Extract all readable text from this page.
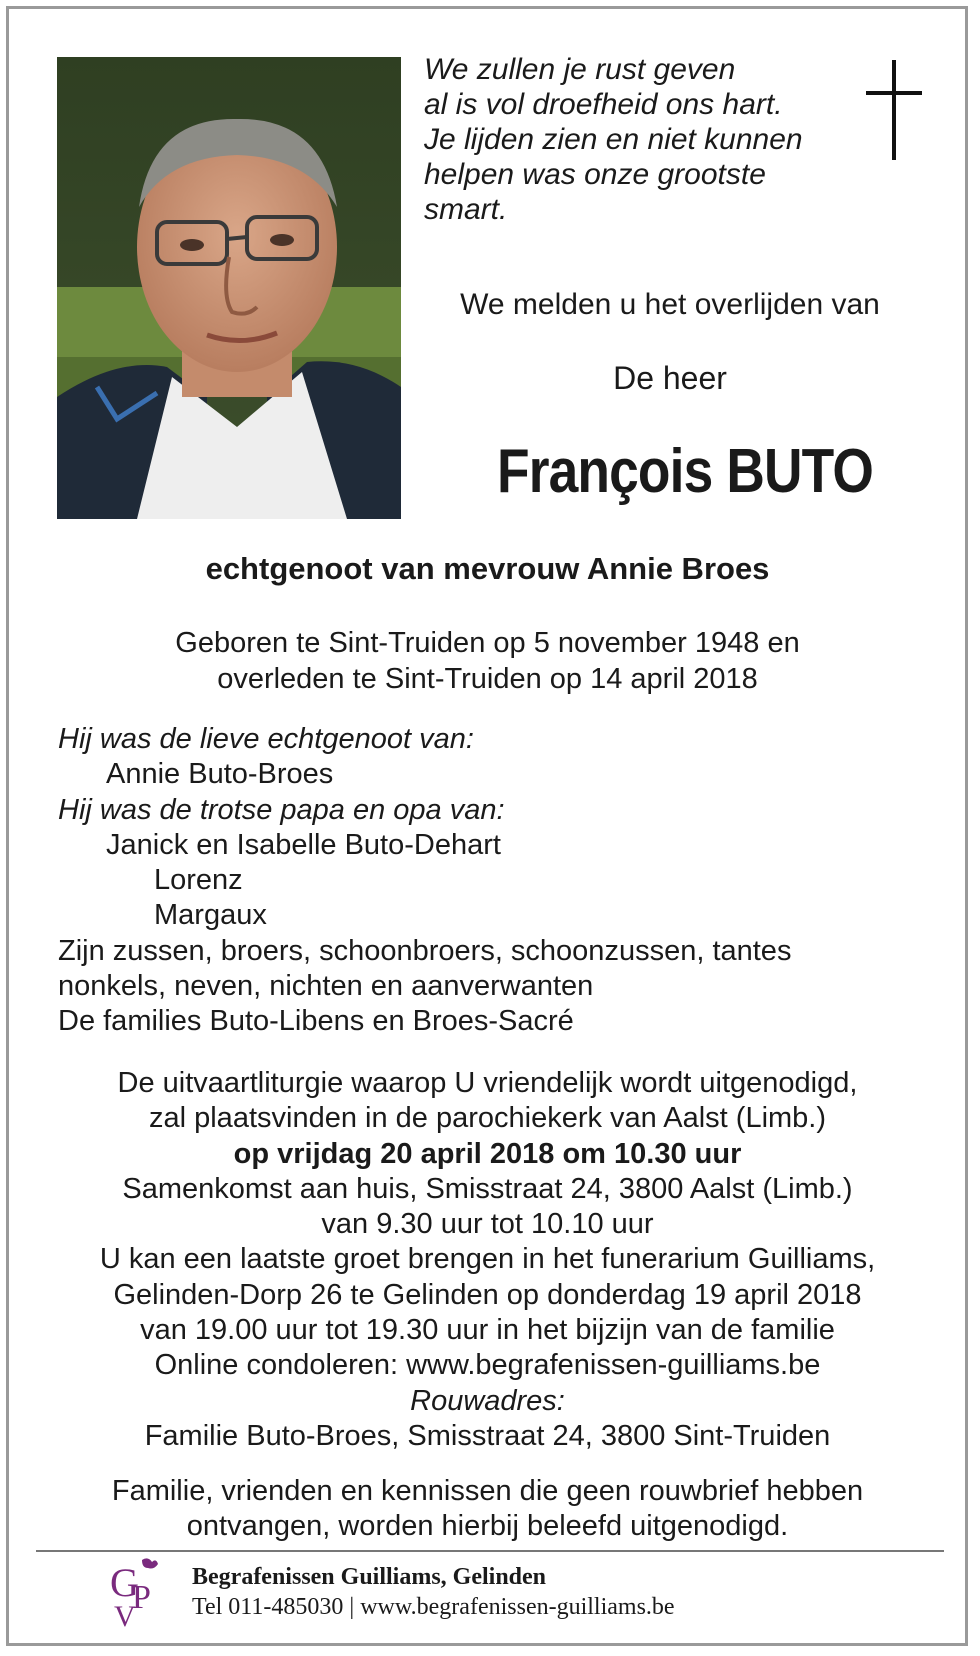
We zullen je rust geven
al is vol droefheid ons hart.
Je lijden zien en niet kunnen
helpen was onze grootste
smart.
We melden u het overlijden van
De heer
François BUTO
echtgenoot van mevrouw Annie Broes
Geboren te Sint-Truiden op 5 november 1948 en
overleden te Sint-Truiden op 14 april 2018
Hij was de lieve echtgenoot van:
Annie Buto-Broes
Hij was de trotse papa en opa van:
Janick en Isabelle Buto-Dehart
Lorenz
Margaux
Zijn zussen, broers, schoonbroers, schoonzussen, tantes
nonkels, neven, nichten en aanverwanten
De families Buto-Libens en Broes-Sacré
De uitvaartliturgie waarop U vriendelijk wordt uitgenodigd,
zal plaatsvinden in de parochiekerk van Aalst (Limb.)
op vrijdag 20 april 2018 om 10.30 uur
Samenkomst aan huis, Smisstraat 24, 3800 Aalst (Limb.)
van 9.30 uur tot 10.10 uur
U kan een laatste groet brengen in het funerarium Guilliams,
Gelinden-Dorp 26 te Gelinden op donderdag 19 april 2018
van 19.00 uur tot 19.30 uur in het bijzijn van de familie
Online condoleren: www.begrafenissen-guilliams.be
Rouwadres:
Familie Buto-Broes, Smisstraat 24, 3800 Sint-Truiden
Familie, vrienden en kennissen die geen rouwbrief hebben
ontvangen, worden hierbij beleefd uitgenodigd.
G
P
V
Begrafenissen Guilliams, Gelinden
Tel 011-485030 | www.begrafenissen-guilliams.be
